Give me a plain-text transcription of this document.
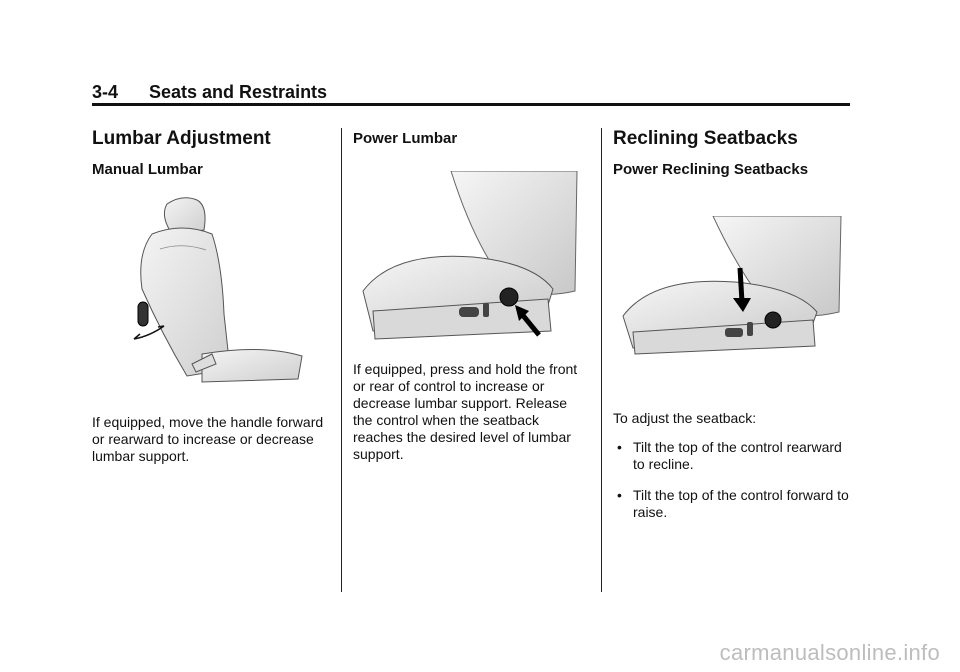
3-4 Seats and Restraints
Lumbar Adjustment
Manual Lumbar

If equipped, move the handle forward or rearward to increase or decrease lumbar support.

Power Lumbar

If equipped, press and hold the front or rear of control to increase or decrease lumbar support. Release the control when the seatback reaches the desired level of lumbar support.

Reclining Seatbacks
Power Reclining Seatbacks

To adjust the seatback:

• Tilt the top of the control rearward to recline.
• Tilt the top of the control forward to raise.
carmanualsonline.info
